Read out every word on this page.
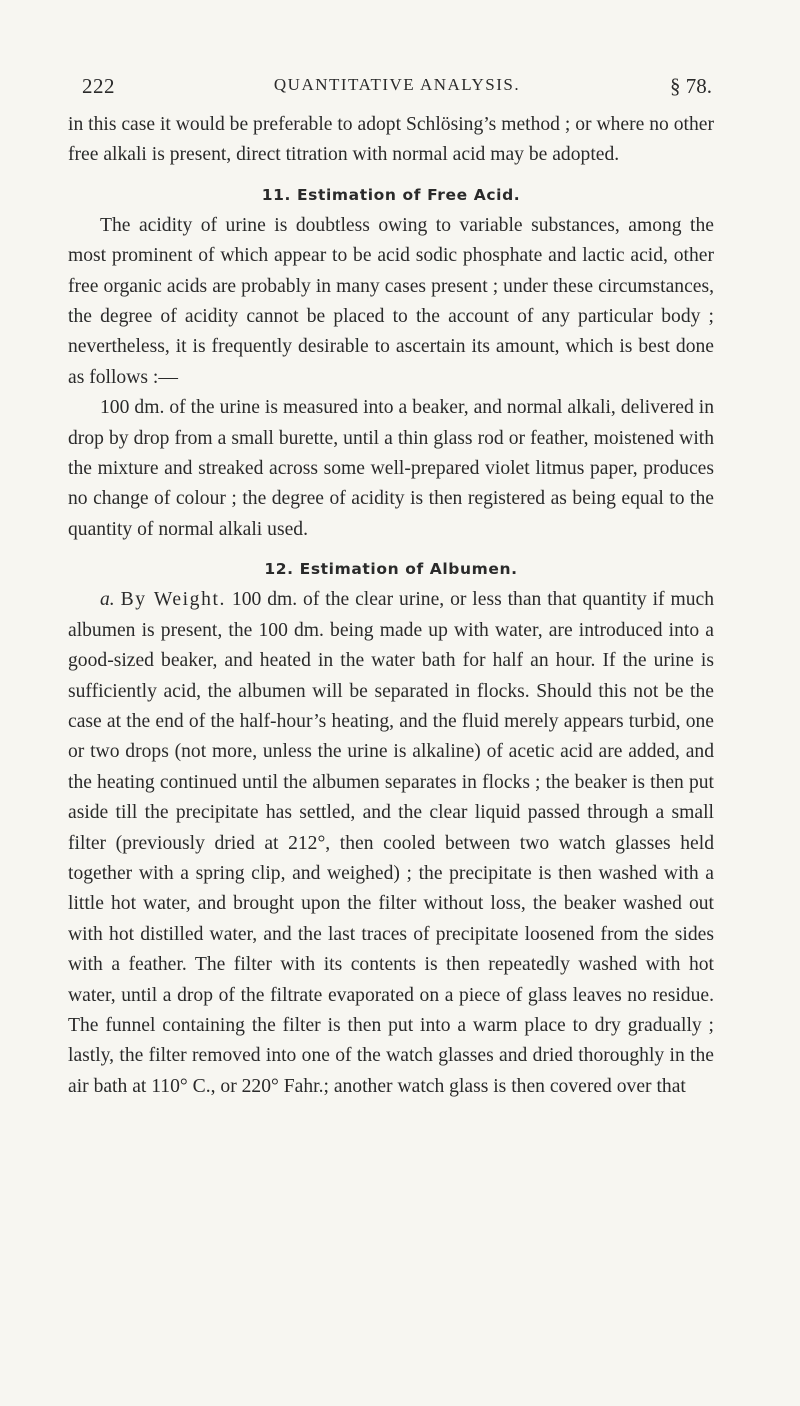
222	QUANTITATIVE ANALYSIS.	§ 78.

in this case it would be preferable to adopt Schlösing’s method ; or where no other free alkali is present, direct titration with normal acid may be adopted.

11. Estimation of Free Acid.

The acidity of urine is doubtless owing to variable substances, among the most prominent of which appear to be acid sodic phosphate and lactic acid, other free organic acids are probably in many cases present ; under these circumstances, the degree of acidity cannot be placed to the account of any particular body ; nevertheless, it is frequently desirable to ascertain its amount, which is best done as follows :—

100 dm. of the urine is measured into a beaker, and normal alkali, delivered in drop by drop from a small burette, until a thin glass rod or feather, moistened with the mixture and streaked across some well-prepared violet litmus paper, produces no change of colour ; the degree of acidity is then registered as being equal to the quantity of normal alkali used.

12. Estimation of Albumen.

a. By Weight. 100 dm. of the clear urine, or less than that quantity if much albumen is present, the 100 dm. being made up with water, are introduced into a good-sized beaker, and heated in the water bath for half an hour. If the urine is sufficiently acid, the albumen will be separated in flocks. Should this not be the case at the end of the half-hour’s heating, and the fluid merely appears turbid, one or two drops (not more, unless the urine is alkaline) of acetic acid are added, and the heating continued until the albumen separates in flocks ; the beaker is then put aside till the precipitate has settled, and the clear liquid passed through a small filter (previously dried at 212°, then cooled between two watch glasses held together with a spring clip, and weighed) ; the precipitate is then washed with a little hot water, and brought upon the filter without loss, the beaker washed out with hot distilled water, and the last traces of precipitate loosened from the sides with a feather. The filter with its contents is then repeatedly washed with hot water, until a drop of the filtrate evaporated on a piece of glass leaves no residue. The funnel containing the filter is then put into a warm place to dry gradually ; lastly, the filter removed into one of the watch glasses and dried thoroughly in the air bath at 110° C., or 220° Fahr.; another watch glass is then covered over that
